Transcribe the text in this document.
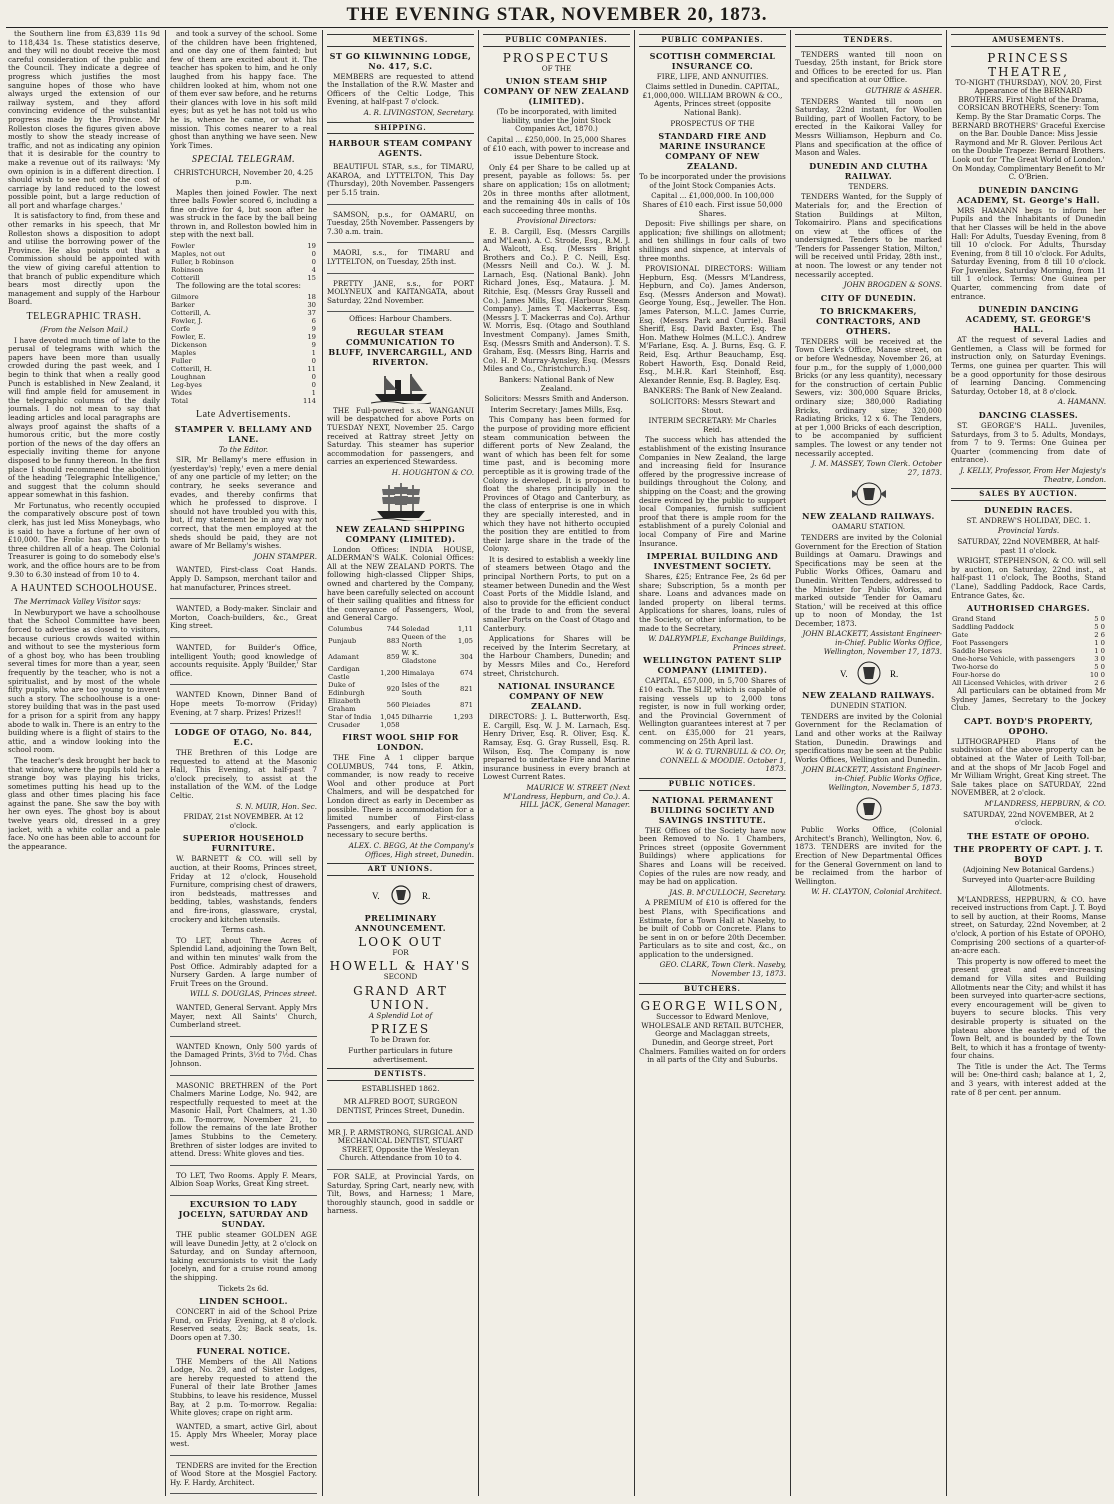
THE EVENING STAR, NOVEMBER 20, 1873.

the Southern line from £3,839 11s 9d to 118,434 1s. These statistics deserve, and they will no doubt receive the most careful consideration of the public and the Council. They indicate a degree of progress which justifies the most sanguine hopes of those who have always urged the extension of our railway system, and they afford convincing evidence of the substantial progress made by the Province. Mr Rolleston closes the figures given above mostly to show the steady increase of traffic, and not as indicating any opinion that it is desirable for the country to make a revenue out of its railways: 'My own opinion is in a different direction. I should wish to see not only the cost of carriage by land reduced to the lowest possible point, but a large reduction of all port and wharfage charges.'

It is satisfactory to find, from these and other remarks in his speech, that Mr Rolleston shows a disposition to adopt and utilise the borrowing power of the Province. He also points out that a Commission should be appointed with the view of giving careful attention to that branch of public expenditure which bears most directly upon the management and supply of the Harbour Board.

TELEGRAPHIC TRASH.

(From the Nelson Mail.)

I have devoted much time of late to the perusal of telegrams with which the papers have been more than usually crowded during the past week, and I begin to think that when a really good Punch is established in New Zealand, it will find ample field for amusement in the telegraphic columns of the daily journals. I do not mean to say that leading articles and local paragraphs are always proof against the shafts of a humorous critic, but the more costly portion of the news of the day offers an especially inviting theme for anyone disposed to be funny thereon. In the first place I should recommend the abolition of the heading 'Telegraphic Intelligence,' and suggest that the column should appear somewhat in this fashion.

Mr Fortunatus, who recently occupied the comparatively obscure post of town clerk, has just led Miss Moneybags, who is said to have a fortune of her own of £10,000. The Frolic has given birth to three children all of a heap. The Colonial Treasurer is going to do somebody else's work, and the office hours are to be from 9.30 to 6.30 instead of from 10 to 4.

A HAUNTED SCHOOLHOUSE.

The Merrimack Valley Visitor says:

In Newburyport we have a schoolhouse that the School Committee have been forced to advertise as closed to visitors, because curious crowds waited within and without to see the mysterious form of a ghost boy, who has been troubling several times for more than a year, seen frequently by the teacher, who is not a spiritualist, and by most of the whole fifty pupils, who are too young to invent such a story. The schoolhouse is a one-storey building that was in the past used for a prison for a spirit from any happy abode to walk in. There is an entry to the building where is a flight of stairs to the attic, and a window looking into the school room.

The teacher's desk brought her back to that window, where the pupils told her a strange boy was playing his tricks, sometimes putting his head up to the glass and other times placing his face against the pane. She saw the boy with her own eyes. The ghost boy is about twelve years old, dressed in a grey jacket, with a white collar and a pale face. No one has been able to account for the appearance.

and took a survey of the school. Some of the children have been frightened, and one day one of them fainted; but few of them are excited about it. The teacher has spoken to him, and he only laughed from his happy face. The children looked at him, whom not one of them ever saw before, and he returns their glances with love in his soft mild eyes; but as yet he has not told us who he is, whence he came, or what his mission. This comes nearer to a real ghost than anything we have seen. New York Times.

SPECIAL TELEGRAM.

CHRISTCHURCH, November 20, 4.25 p.m.

Maples then joined Fowler. The next three balls Fowler scored 6, including a fine on-drive for 4, but soon after he was struck in the face by the ball being thrown in, and Rolleston bowled him in step with the next ball.

Fowler	19
Maples, not out	0
Fuller, b Robinson	0
Robinson	4
Cotterill	15

The following are the total scores:

Gilmore	18
Barker	30
Cotterill, A.	37
Fowler, J.	6
Corfe	9
Fowler, E.	19
Dickenson	9
Maples	1
Fuller	0
Cotterill, H.	11
Loughnan	0
Leg-byes	0
Wides	1
Total	114
Late Advertisements.
STAMPER V. BELLAMY AND LANE.

To the Editor.

SIR, Mr Bellamy's mere effusion in (yesterday's) 'reply,' even a mere denial of any one particle of my letter; on the contrary, he seeks severance and evades, and thereby confirms that which he professed to disprove. I should not have troubled you with this, but, if my statement be in any way not correct, that the men employed at the sheds should be paid, they are not aware of Mr Bellamy's wishes.

JOHN STAMPER.

WANTED, First-class Coat Hands. Apply D. Sampson, merchant tailor and hat manufacturer, Princes street.

WANTED, a Body-maker. Sinclair and Morton, Coach-builders, &c., Great King street.

WANTED, for Builder's Office, intelligent Youth; good knowledge of accounts requisite. Apply 'Builder,' Star office.

WANTED Known, Dinner Band of Hope meets To-morrow (Friday) Evening, at 7 sharp. Prizes! Prizes!!

LODGE OF OTAGO, No. 844, E.C.

THE Brethren of this Lodge are requested to attend at the Masonic Hall, This Evening, at half-past 7 o'clock precisely, to assist at the installation of the W.M. of the Lodge Celtic.

S. N. MUIR, Hon. Sec.

FRIDAY, 21st NOVEMBER. At 12 o'clock.

SUPERIOR HOUSEHOLD FURNITURE.

W. BARNETT & CO. will sell by auction, at their Rooms, Princes street, Friday at 12 o'clock, Household Furniture, comprising chest of drawers, iron bedsteads, mattresses and bedding, tables, washstands, fenders and fire-irons, glassware, crystal, crockery and kitchen utensils.

Terms cash.

TO LET, about Three Acres of Splendid Land, adjoining the Town Belt, and within ten minutes' walk from the Post Office. Admirably adapted for a Nursery Garden. A large number of Fruit Trees on the Ground.

WILL S. DOUGLAS, Princes street.

WANTED, General Servant. Apply Mrs Mayer, next All Saints' Church, Cumberland street.

WANTED Known, Only 500 yards of the Damaged Prints, 3½d to 7½d. Chas Johnson.

MASONIC BRETHREN of the Port Chalmers Marine Lodge, No. 942, are respectfully requested to meet at the Masonic Hall, Port Chalmers, at 1.30 p.m. To-morrow, November 21, to follow the remains of the late Brother James Stubbins to the Cemetery. Brethren of sister lodges are invited to attend. Dress: White gloves and ties.

TO LET, Two Rooms. Apply F. Mears, Albion Soap Works, Great King street.

EXCURSION TO LADY JOCELYN, SATURDAY AND SUNDAY.

THE public steamer GOLDEN AGE will leave Dunedin Jetty, at 2 o'clock on Saturday, and on Sunday afternoon, taking excursionists to visit the Lady Jocelyn, and for a cruise round among the shipping.

Tickets 2s 6d.

LINDEN SCHOOL.

CONCERT in aid of the School Prize Fund, on Friday Evening, at 8 o'clock. Reserved seats, 2s; Back seats, 1s. Doors open at 7.30.

FUNERAL NOTICE.

THE Members of the All Nations Lodge, No. 29, and of Sister Lodges, are hereby requested to attend the Funeral of their late Brother James Stubbins, to leave his residence, Mussel Bay, at 2 p.m. To-morrow. Regalia: White gloves; crape on right arm.

WANTED, a smart, active Girl, about 15. Apply Mrs Wheeler, Moray place west.

TENDERS are invited for the Erection of Wood Store at the Mosgiel Factory. Hy. F. Hardy, Architect.

MEETINGS.
ST GO KILWINNING LODGE, No. 417, S.C.

MEMBERS are requested to attend the Installation of the R.W. Master and Officers of the Celtic Lodge, This Evening, at half-past 7 o'clock.

A. R. LIVINGSTON, Secretary.

SHIPPING.
HARBOUR STEAM COMPANY AGENTS.

BEAUTIFUL STAR, s.s., for TIMARU, AKAROA, and LYTTELTON, This Day (Thursday), 20th November. Passengers per 5.15 train.

SAMSON, p.s., for OAMARU, on Tuesday, 25th November. Passengers by 7.30 a.m. train.

MAORI, s.s., for TIMARU and LYTTELTON, on Tuesday, 25th inst.

PRETTY JANE, s.s., for PORT MOLYNEUX and KAITANGATA, about Saturday, 22nd November.

Offices: Harbour Chambers.

REGULAR STEAM COMMUNICATION TO BLUFF, INVERCARGILL, AND RIVERTON.

THE Full-powered s.s. WANGANUI will be despatched for above Ports on TUESDAY NEXT, November 25. Cargo received at Rattray street Jetty on Saturday. This steamer has superior accommodation for passengers, and carries an experienced Stewardess.

H. HOUGHTON & CO.

NEW ZEALAND SHIPPING COMPANY (LIMITED).

London Offices: INDIA HOUSE, ALDERMAN'S WALK. Colonial Offices: All at the NEW ZEALAND PORTS. The following high-classed Clipper Ships, owned and chartered by the Company, have been carefully selected on account of their sailing qualities and fitness for the conveyance of Passengers, Wool, and General Cargo.

Columbus	744	Soledad	1,11
Punjaub	883	Queen of the North	1,05
Adamant	859	W. K. Gladstone	304
Cardigan Castle	1,200	Himalaya	674
Duke of Edinburgh	920	Isles of the South	821
Elizabeth Graham	560	Pleiades	871
Star of India	1,045	Dilharrie	1,293
Crusader	1,058		
FIRST WOOL SHIP FOR LONDON.

THE Fine A 1 clipper barque COLUMBUS, 744 tons, F. Atkin, commander, is now ready to receive Wool and other produce at Port Chalmers, and will be despatched for London direct as early in December as possible. There is accommodation for a limited number of First-class Passengers, and early application is necessary to secure berths.

ALEX. C. BEGG, At the Company's Offices, High street, Dunedin.

ART UNIONS.
V.	R.
PRELIMINARY ANNOUNCEMENT.
LOOK OUT

FOR

HOWELL & HAY'S

SECOND

GRAND ART UNION.

A Splendid Lot of

PRIZES

To be Drawn for.

Further particulars in future advertisement.

DENTISTS.

ESTABLISHED 1862.

MR ALFRED BOOT, SURGEON DENTIST, Princes Street, Dunedin.

MR J. P. ARMSTRONG, SURGICAL AND MECHANICAL DENTIST, STUART STREET, Opposite the Wesleyan Church. Attendance from 10 to 4.

FOR SALE, at Provincial Yards, on Saturday, Spring Cart, nearly new, with Tilt, Bows, and Harness; 1 Mare, thoroughly staunch, good in saddle or harness.

PUBLIC COMPANIES.
PROSPECTUS

OF THE

UNION STEAM SHIP COMPANY OF NEW ZEALAND (LIMITED).

(To be incorporated, with limited liability, under the Joint Stock Companies Act, 1870.)

Capital ... £250,000. In 25,000 Shares of £10 each, with power to increase and issue Debenture Stock.

Only £4 per Share to be called up at present, payable as follows: 5s. per share on application; 15s on allotment; 20s in three months after allotment, and the remaining 40s in calls of 10s each succeeding three months.

Provisional Directors:

E. B. Cargill, Esq. (Messrs Cargills and M'Lean). A. C. Strode, Esq., R.M. J. A. Walcott, Esq. (Messrs Bright Brothers and Co.). P. C. Neill, Esq. (Messrs Neill and Co.). W. J. M. Larnach, Esq. (National Bank). John Richard Jones, Esq., Mataura. J. M. Ritchie, Esq. (Messrs Gray Russell and Co.). James Mills, Esq. (Harbour Steam Company). James T. Mackerras, Esq. (Messrs J. T. Mackerras and Co). Arthur W. Morris, Esq. (Otago and Southland Investment Company). James Smith, Esq. (Messrs Smith and Anderson). T. S. Graham, Esq. (Messrs Bing, Harris and Co). H. P. Murray-Aynsley, Esq. (Messrs Miles and Co., Christchurch.)

Bankers: National Bank of New Zealand.

Solicitors: Messrs Smith and Anderson.

Interim Secretary: James Mills, Esq.

This Company has been formed for the purpose of providing more efficient steam communication between the different ports of New Zealand, the want of which has been felt for some time past, and is becoming more perceptible as it is growing trade of the Colony is developed. It is proposed to float the shares principally in the Provinces of Otago and Canterbury, as the class of enterprise is one in which they are specially interested, and in which they have not hitherto occupied the position they are entitled to from their large share in the trade of the Colony.

It is desired to establish a weekly line of steamers between Otago and the principal Northern Ports, to put on a steamer between Dunedin and the West Coast Ports of the Middle Island, and also to provide for the efficient conduct of the trade to and from the several smaller Ports on the Coast of Otago and Canterbury.

Applications for Shares will be received by the Interim Secretary, at the Harbour Chambers, Dunedin; and by Messrs Miles and Co., Hereford street, Christchurch.

NATIONAL INSURANCE COMPANY OF NEW ZEALAND.

DIRECTORS: J. L. Butterworth, Esq. E. Cargill, Esq. W. J. M. Larnach, Esq. Henry Driver, Esq. R. Oliver, Esq. K. Ramsay, Esq. G. Gray Russell, Esq. R. Wilson, Esq. The Company is now prepared to undertake Fire and Marine insurance business in every branch at Lowest Current Rates.

MAURICE W. STREET (Next M'Landress, Hepburn, and Co.). A. HILL JACK, General Manager.

PUBLIC COMPANIES.
SCOTTISH COMMERCIAL INSURANCE CO.

FIRE, LIFE, AND ANNUITIES.

Claims settled in Dunedin. CAPITAL, £1,000,000. WILLIAM BROWN & CO., Agents, Princes street (opposite National Bank).

PROSPECTUS OF THE

STANDARD FIRE AND MARINE INSURANCE COMPANY OF NEW ZEALAND.

To be incorporated under the provisions of the Joint Stock Companies Acts.

Capital ... £1,000,000. In 100,000 Shares of £10 each. First issue 50,000 Shares.

Deposit: Five shillings per share, on application; five shillings on allotment; and ten shillings in four calls of two shillings and sixpence, at intervals of three months.

PROVISIONAL DIRECTORS: William Hepburn, Esq. (Messrs M'Landress, Hepburn, and Co). James Anderson, Esq. (Messrs Anderson and Mowat). George Young, Esq., Jeweller. The Hon. James Paterson, M.L.C. James Currie, Esq. (Messrs Park and Currie). Basil Sheriff, Esq. David Baxter, Esq. The Hon. Mathew Holmes (M.L.C.). Andrew M'Farlane, Esq. A. J. Burns, Esq. G. F. Reid, Esq. Arthur Beauchamp, Esq. Robert Haworth, Esq. Donald Reid, Esq., M.H.R. Karl Steinhoff, Esq. Alexander Rennie, Esq. B. Bagley, Esq.

BANKERS: The Bank of New Zealand.

SOLICITORS: Messrs Stewart and Stout.

INTERIM SECRETARY: Mr Charles Reid.

The success which has attended the establishment of the existing Insurance Companies in New Zealand, the large and increasing field for Insurance offered by the progressive increase of buildings throughout the Colony, and shipping on the Coast; and the growing desire evinced by the public to support local Companies, furnish sufficient proof that there is ample room for the establishment of a purely Colonial and local Company of Fire and Marine Insurance.

IMPERIAL BUILDING AND INVESTMENT SOCIETY.

Shares, £25; Entrance Fee, 2s 6d per share; Subscription, 5s a month per share. Loans and advances made on landed property on liberal terms. Applications for shares, loans, rules of the Society, or other information, to be made to the Secretary,

W. DALRYMPLE, Exchange Buildings, Princes street.

WELLINGTON PATENT SLIP COMPANY (LIMITED).

CAPITAL, £57,000, in 5,700 Shares of £10 each. The SLIP, which is capable of raising vessels up to 2,000 tons register, is now in full working order, and the Provincial Government of Wellington guarantees interest at 7 per cent. on £35,000 for 21 years, commencing on 25th April last.

W. & G. TURNBULL & CO. Or, CONNELL & MOODIE. October 1, 1873.

PUBLIC NOTICES.
NATIONAL PERMANENT BUILDING SOCIETY AND SAVINGS INSTITUTE.

THE Offices of the Society have now been Removed to No. 1 Chambers, Princes street (opposite Government Buildings) where applications for Shares and Loans will be received. Copies of the rules are now ready, and may be had on application.

JAS. B. M'CULLOCH, Secretary.

A PREMIUM of £10 is offered for the best Plans, with Specifications and Estimate, for a Town Hall at Naseby, to be built of Cobb or Concrete. Plans to be sent in on or before 20th December. Particulars as to site and cost, &c., on application to the undersigned.

GEO. CLARK, Town Clerk. Naseby, November 13, 1873.

BUTCHERS.
GEORGE WILSON,

Successor to Edward Menlove, WHOLESALE AND RETAIL BUTCHER, George and Maclaggan streets, Dunedin, and George street, Port Chalmers. Families waited on for orders in all parts of the City and Suburbs.

TENDERS.

TENDERS wanted till noon on Tuesday, 25th instant, for Brick store and Offices to be erected for us. Plan and specification at our Office.

GUTHRIE & ASHER.

TENDERS Wanted till noon on Saturday, 22nd instant, for Woollen Building, part of Woollen Factory, to be erected in the Kaikorai Valley for Messrs Williamson, Hepburn and Co. Plans and specification at the office of Mason and Wales.

DUNEDIN AND CLUTHA RAILWAY.

TENDERS.

TENDERS Wanted, for the Supply of Materials for, and the Erection of Station Buildings at Milton, Tokomairiro. Plans and specifications on view at the offices of the undersigned. Tenders to be marked 'Tenders for Passenger Station, Milton,' will be received until Friday, 28th inst., at noon. The lowest or any tender not necessarily accepted.

JOHN BROGDEN & SONS.

CITY OF DUNEDIN.
TO BRICKMAKERS, CONTRACTORS, AND OTHERS.

TENDERS will be received at the Town Clerk's Office, Manse street, on or before Wednesday, November 26, at four p.m., for the supply of 1,000,000 Bricks (or any less quantity), necessary for the construction of certain Public Sewers, viz: 300,000 Square Bricks, ordinary size; 380,000 Radiating Bricks, ordinary size; 320,000 Radiating Bricks, 12 x 6. The Tenders, at per 1,000 Bricks of each description, to be accompanied by sufficient samples. The lowest or any tender not necessarily accepted.

J. M. MASSEY, Town Clerk. October 27, 1873.

NEW ZEALAND RAILWAYS.

OAMARU STATION.

TENDERS are invited by the Colonial Government for the Erection of Station Buildings at Oamaru. Drawings and Specifications may be seen at the Public Works Offices, Oamaru and Dunedin. Written Tenders, addressed to the Minister for Public Works, and marked outside 'Tender for Oamaru Station,' will be received at this office up to noon of Monday, the 1st December, 1873.

JOHN BLACKETT, Assistant Engineer-in-Chief. Public Works Office, Wellington, November 17, 1873.

V.	R.
NEW ZEALAND RAILWAYS.

DUNEDIN STATION.

TENDERS are invited by the Colonial Government for the Reclamation of Land and other works at the Railway Station, Dunedin. Drawings and specifications may be seen at the Public Works Offices, Wellington and Dunedin.

JOHN BLACKETT, Assistant Engineer-in-Chief. Public Works Office, Wellington, November 5, 1873.

Public Works Office, (Colonial Architect's Branch), Wellington, Nov. 6, 1873. TENDERS are invited for the Erection of New Departmental Offices for the General Government on land to be reclaimed from the harbor of Wellington.

W. H. CLAYTON, Colonial Architect.

AMUSEMENTS.
PRINCESS THEATRE,

TO-NIGHT (THURSDAY), NOV. 20, First Appearance of the BERNARD BROTHERS. First Night of the Drama, CORSICAN BROTHERS, Scenery: Tom Kemp. By the Star Dramatic Corps. The BERNARD BROTHERS' Graceful Exercise on the Bar. Double Dance: Miss Jessie Raymond and Mr R. Glover. Perilous Act on the Double Trapeze: Bernard Brothers. Look out for 'The Great World of London.' On Monday, Complimentary Benefit to Mr C. O'Brien.

DUNEDIN DANCING ACADEMY, St. George's Hall.

MRS HAMANN begs to inform her Pupils and the Inhabitants of Dunedin that her Classes will be held in the above Hall: For Adults, Tuesday Evening, from 8 till 10 o'clock. For Adults, Thursday Evening, from 8 till 10 o'clock. For Adults, Saturday Evening, from 8 till 10 o'clock. For Juveniles, Saturday Morning, from 11 till 1 o'clock. Terms: One Guinea per Quarter, commencing from date of entrance.

DUNEDIN DANCING ACADEMY, ST. GEORGE'S HALL.

AT the request of several Ladies and Gentlemen, a Class will be formed for instruction only, on Saturday Evenings. Terms, one guinea per quarter. This will be a good opportunity for those desirous of learning Dancing. Commencing Saturday, October 18, at 8 o'clock.

A. HAMANN.

DANCING CLASSES.

ST. GEORGE'S HALL. Juveniles, Saturdays, from 3 to 5. Adults, Mondays, from 7 to 9. Terms: One Guinea per Quarter (commencing from date of entrance).

J. KELLY, Professor, From Her Majesty's Theatre, London.

SALES BY AUCTION.
DUNEDIN RACES.

ST. ANDREW'S HOLIDAY, DEC. 1.

Provincial Yards.

SATURDAY, 22nd NOVEMBER, At half-past 11 o'clock.

WRIGHT, STEPHENSON, & CO. will sell by auction, on Saturday, 22nd inst., at half-past 11 o'clock, The Booths, Stand ('Lane), Saddling Paddock, Race Cards, Entrance Gates, &c.

AUTHORISED CHARGES.
Grand Stand	5 0
Saddling Paddock	5 0
Gate	2 6
Foot Passengers	1 0
Saddle Horses	1 0
One-horse Vehicle, with passengers	3 0
Two-horse do	5 0
Four-horse do	10 0
All Licensed Vehicles, with driver	2 6

All particulars can be obtained from Mr Sydney James, Secretary to the Jockey Club.

CAPT. BOYD'S PROPERTY, OPOHO.

LITHOGRAPHED Plans of the subdivision of the above property can be obtained at the Water of Leith Toll-bar, and at the shops of Mr Jacob Fogel and Mr William Wright, Great King street. The Sale takes place on SATURDAY, 22nd NOVEMBER, at 2 o'clock.

M'LANDRESS, HEPBURN, & CO.

SATURDAY, 22nd NOVEMBER, At 2 o'clock.

THE ESTATE OF OPOHO.
THE PROPERTY OF CAPT. J. T. BOYD

(Adjoining New Botanical Gardens.)

Surveyed into Quarter-acre Building Allotments.

M'LANDRESS, HEPBURN, & CO. have received instructions from Capt. J. T. Boyd to sell by auction, at their Rooms, Manse street, on Saturday, 22nd November, at 2 o'clock, A portion of his Estate of OPOHO, Comprising 200 sections of a quarter-of-an-acre each.

This property is now offered to meet the present great and ever-increasing demand for Villa sites and Building Allotments near the City; and whilst it has been surveyed into quarter-acre sections, every encouragement will be given to buyers to secure blocks. This very desirable property is situated on the plateau above the easterly end of the Town Belt, and is bounded by the Town Belt, to which it has a frontage of twenty-four chains.

The Title is under the Act. The Terms will be: One-third cash; balance at 1, 2, and 3 years, with interest added at the rate of 8 per cent. per annum.
